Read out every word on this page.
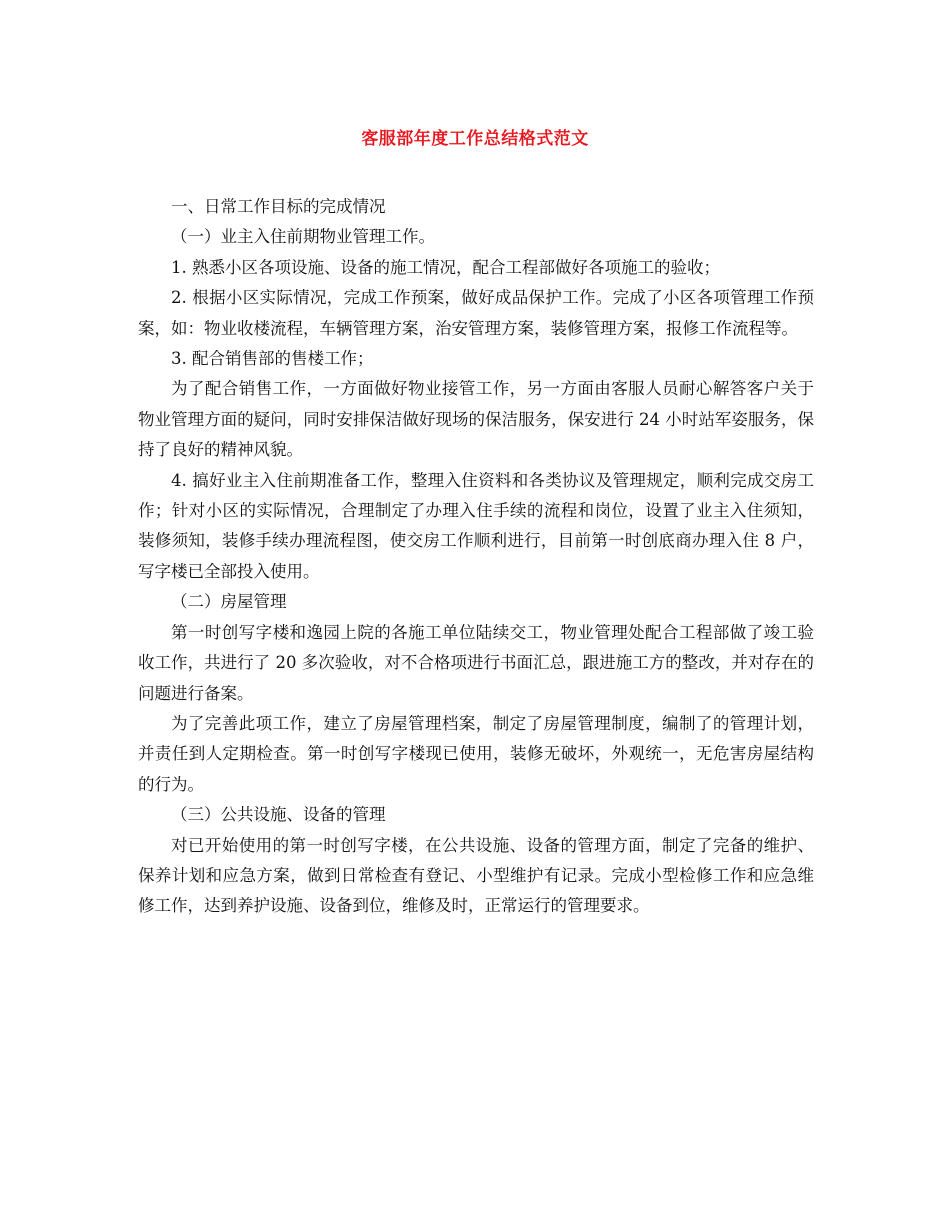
客服部年度工作总结格式范文

一、日常工作目标的完成情况

（一）业主入住前期物业管理工作。

1. 熟悉小区各项设施、设备的施工情况，配合工程部做好各项施工的验收；

2. 根据小区实际情况，完成工作预案，做好成品保护工作。完成了小区各项管理工作预案，如：物业收楼流程，车辆管理方案，治安管理方案，装修管理方案，报修工作流程等。

3. 配合销售部的售楼工作；

为了配合销售工作，一方面做好物业接管工作，另一方面由客服人员耐心解答客户关于物业管理方面的疑问，同时安排保洁做好现场的保洁服务，保安进行 24 小时站军姿服务，保持了良好的精神风貌。

4. 搞好业主入住前期准备工作，整理入住资料和各类协议及管理规定，顺利完成交房工作；针对小区的实际情况，合理制定了办理入住手续的流程和岗位，设置了业主入住须知，装修须知，装修手续办理流程图，使交房工作顺利进行，目前第一时创底商办理入住 8 户，写字楼已全部投入使用。

（二）房屋管理

第一时创写字楼和逸园上院的各施工单位陆续交工，物业管理处配合工程部做了竣工验收工作，共进行了 20 多次验收，对不合格项进行书面汇总，跟进施工方的整改，并对存在的问题进行备案。

为了完善此项工作，建立了房屋管理档案，制定了房屋管理制度，编制了的管理计划，并责任到人定期检查。第一时创写字楼现已使用，装修无破坏，外观统一，无危害房屋结构的行为。

（三）公共设施、设备的管理

对已开始使用的第一时创写字楼，在公共设施、设备的管理方面，制定了完备的维护、保养计划和应急方案，做到日常检查有登记、小型维护有记录。完成小型检修工作和应急维修工作，达到养护设施、设备到位，维修及时，正常运行的管理要求。
